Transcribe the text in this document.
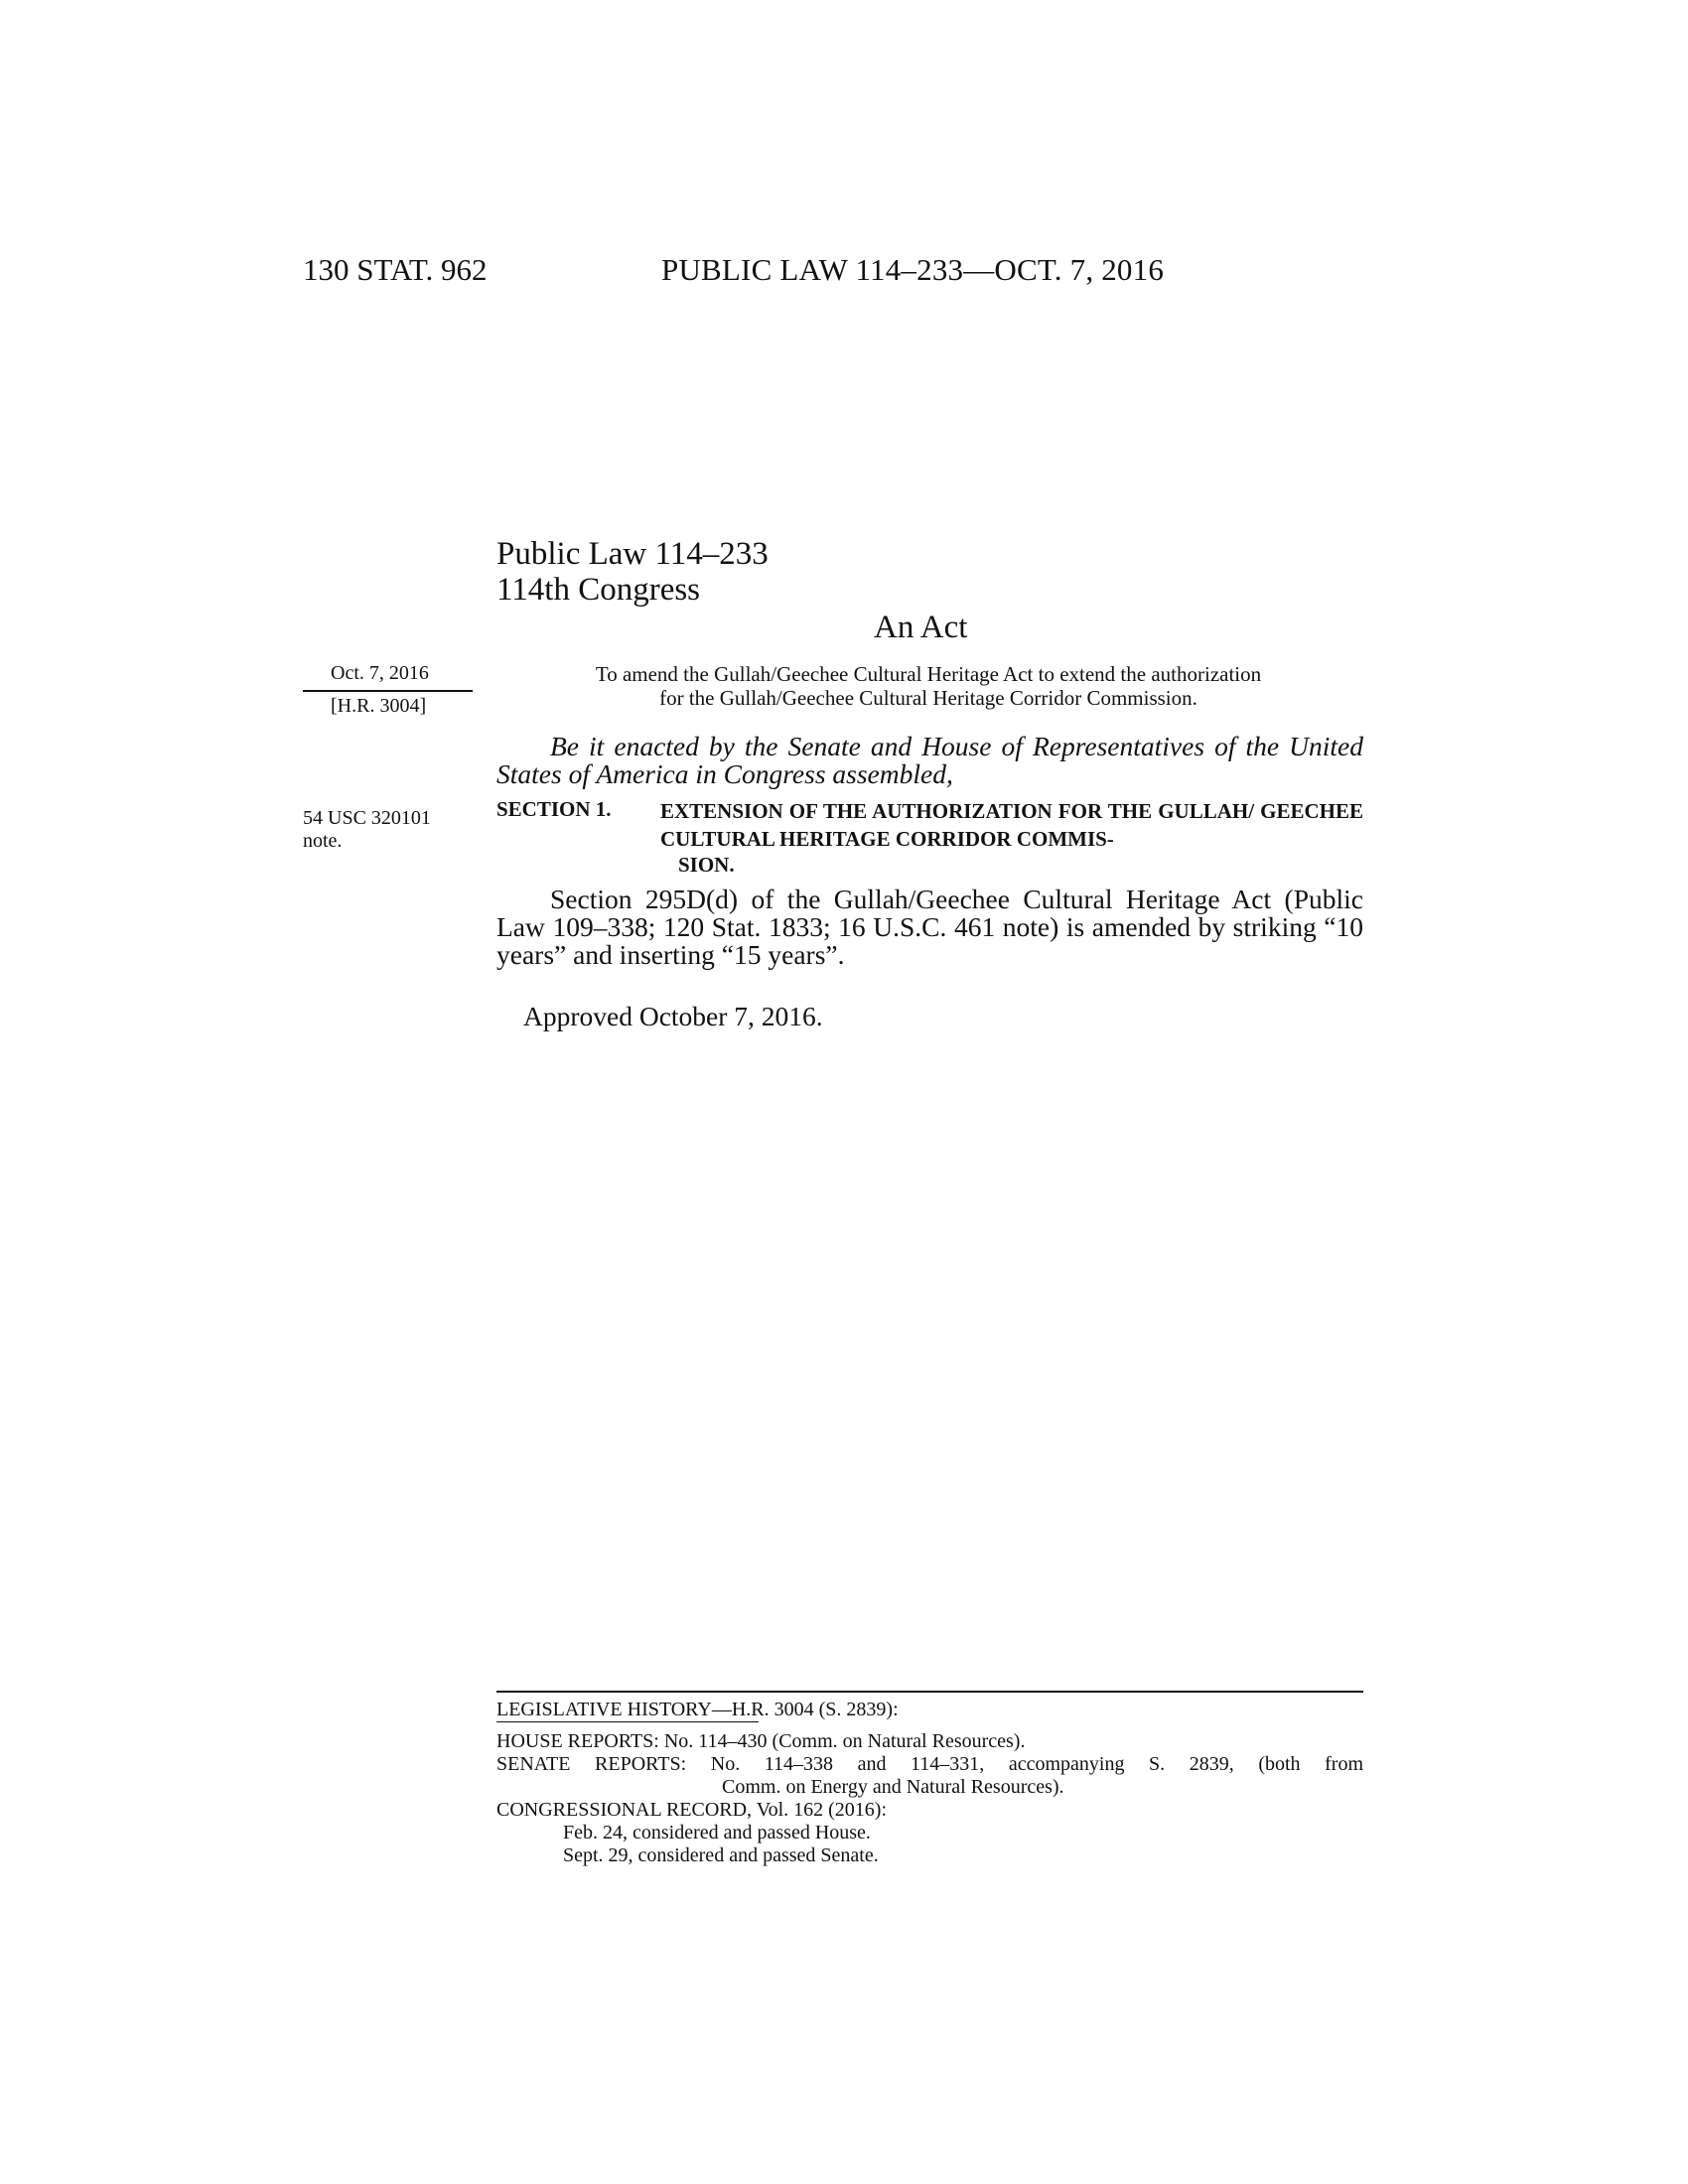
130 STAT. 962	PUBLIC LAW 114–233—OCT. 7, 2016
Public Law 114–233
114th Congress
An Act
Oct. 7, 2016
[H.R. 3004]
54 USC 320101
note.
To amend the Gullah/Geechee Cultural Heritage Act to extend the authorization
for the Gullah/Geechee Cultural Heritage Corridor Commission.
Be it enacted by the Senate and House of Representatives of the United States of America in Congress assembled,
SECTION 1. EXTENSION OF THE AUTHORIZATION FOR THE GULLAH/ GEECHEE CULTURAL HERITAGE CORRIDOR COMMIS-
SION.
Section 295D(d) of the Gullah/Geechee Cultural Heritage Act (Public Law 109–338; 120 Stat. 1833; 16 U.S.C. 461 note) is amended by striking “10 years” and inserting “15 years”.
Approved October 7, 2016.
LEGISLATIVE HISTORY—H.R. 3004 (S. 2839):
HOUSE REPORTS: No. 114–430 (Comm. on Natural Resources).
SENATE REPORTS: No. 114–338 and 114–331, accompanying S. 2839, (both from
Comm. on Energy and Natural Resources).
CONGRESSIONAL RECORD, Vol. 162 (2016):
Feb. 24, considered and passed House.
Sept. 29, considered and passed Senate.
